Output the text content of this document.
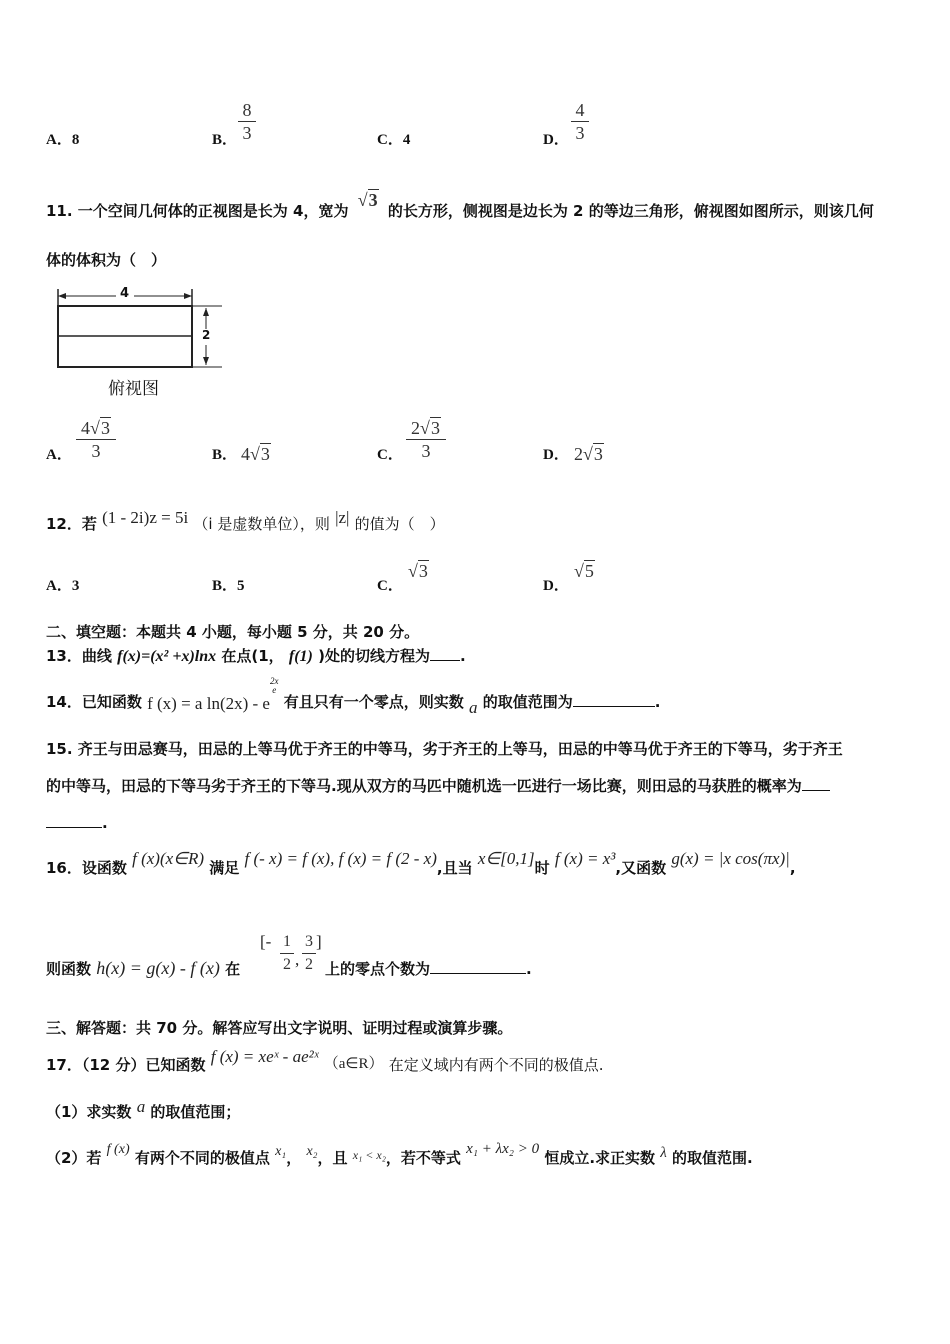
A．8	B．
8
3	C．4	D．
4
3
11. 一个空间几何体的正视图是长为 4，宽为 √3 的长方形，侧视图是边长为 2 的等边三角形，俯视图如图所示，则该几何
体的体积为（　）
4
2
俯视图
A．
4√3
3	B． 4√3	C．
2√3
3	D． 2√3
12．若 (1 - 2i)z = 5i （i 是虚数单位），则 |z| 的值为（　）
A．3	B．5	C．
√3
D．
√5
二、填空题：本题共 4 小题，每小题 5 分，共 20 分。
13．曲线 f(x)=(x² +x)lnx 在点(1， f(1) )处的切线方程为 .
14．已知函数 f (x) = a ln(2x) - e
2x
e
有且只有一个零点，则实数 a 的取值范围为	.
15. 齐王与田忌赛马，田忌的上等马优于齐王的中等马，劣于齐王的上等马，田忌的中等马优于齐王的下等马，劣于齐王
的中等马，田忌的下等马劣于齐王的下等马.现从双方的马匹中随机选一匹进行一场比赛，则田忌的马获胜的概率为
.
16．设函数 f (x)(x∈R) 满足 f (- x) = f (x), f (x) = f (2 - x),且当 x∈[0,1]时 f (x) = x³,又函数 g(x) = |x cos(πx)|,
则函数 h(x) = g(x) - f (x) 在
[- 1
2 ,
3
2
]
上的零点个数为	.
三、解答题：共 70 分。解答应写出文字说明、证明过程或演算步骤。
17．（12 分）已知函数 f (x) = xeˣ - ae²ˣ （a∈R） 在定义域内有两个不同的极值点.
（1）求实数 a 的取值范围；
（2）若 f (x) 有两个不同的极值点 x₁， x₂，且 $^{x_1 < x_2}$，若不等式 x₁ + λx₂ > 0 恒成立.求正实数 λ 的取值范围.
